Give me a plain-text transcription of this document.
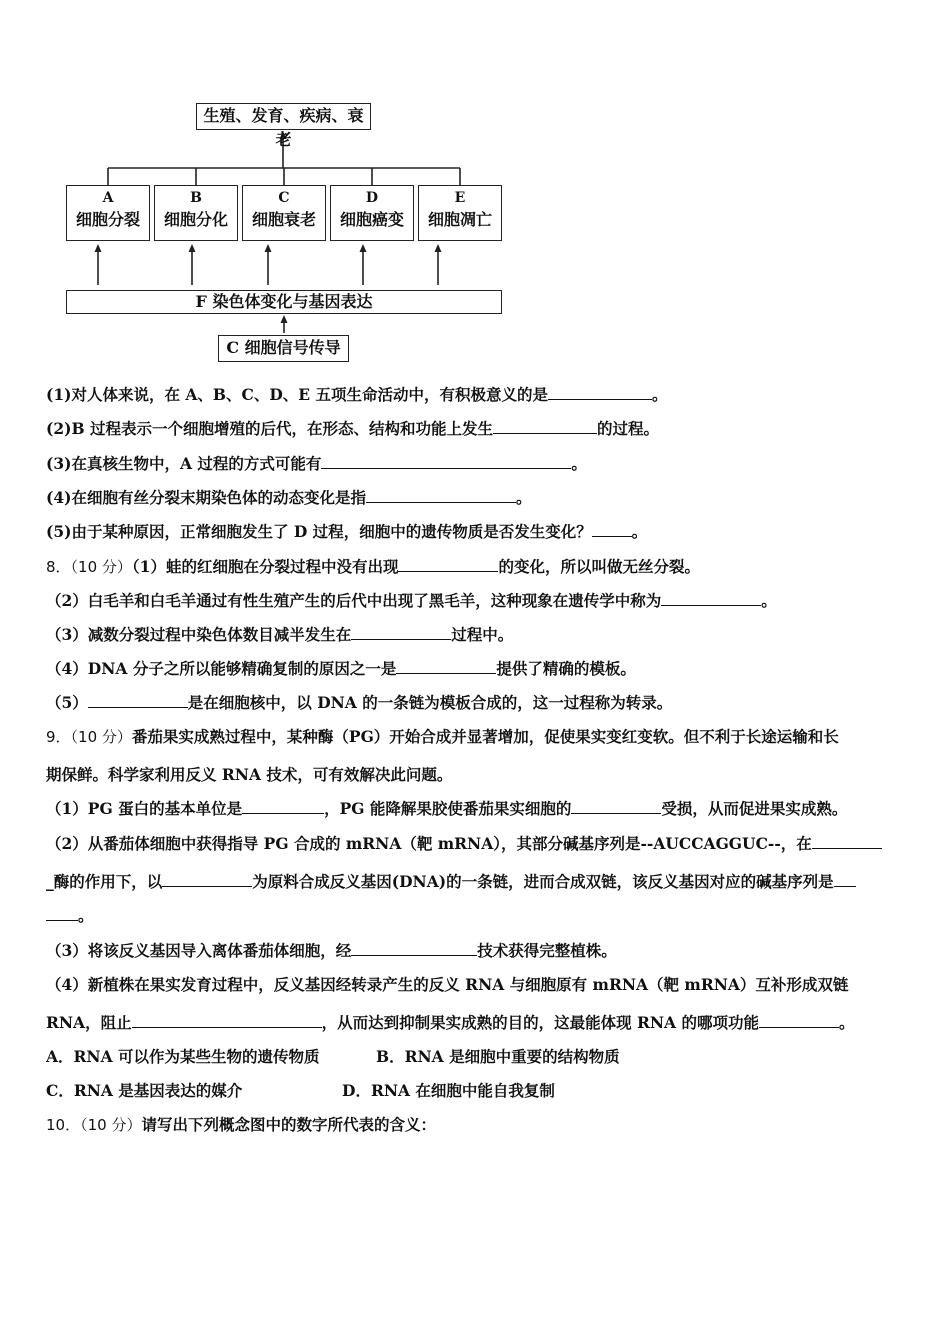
生殖、发育、疾病、衰老
A
细胞分裂
B
细胞分化
C
细胞衰老
D
细胞癌变
E
细胞凋亡
F 染色体变化与基因表达
C 细胞信号传导
(1)对人体来说，在 A、B、C、D、E 五项生命活动中，有积极意义的是	。
(2)B 过程表示一个细胞增殖的后代，在形态、结构和功能上发生	的过程。
(3)在真核生物中，A 过程的方式可能有	。
(4)在细胞有丝分裂末期染色体的动态变化是指	。
(5)由于某种原因，正常细胞发生了 D 过程，细胞中的遗传物质是否发生变化？	。
8．（10 分）（1）蛙的红细胞在分裂过程中没有出现	的变化，所以叫做无丝分裂。
（2）白毛羊和白毛羊通过有性生殖产生的后代中出现了黑毛羊，这种现象在遗传学中称为	。
（3）减数分裂过程中染色体数目减半发生在	过程中。
（4）DNA 分子之所以能够精确复制的原因之一是	提供了精确的模板。
（5）	是在细胞核中，以 DNA 的一条链为模板合成的，这一过程称为转录。
9．（10 分）番茄果实成熟过程中，某种酶（PG）开始合成并显著增加，促使果实变红变软。但不利于长途运输和长
期保鲜。科学家利用反义 RNA 技术，可有效解决此问题。
（1）PG 蛋白的基本单位是	，PG 能降解果胶使番茄果实细胞的	受损，从而促进果实成熟。
（2）从番茄体细胞中获得指导 PG 合成的 mRNA（靶 mRNA），其部分碱基序列是--AUCCAGGUC--，在
_酶的作用下，以	为原料合成反义基因(DNA)的一条链，进而合成双链，该反义基因对应的碱基序列是
。
（3）将该反义基因导入离体番茄体细胞，经	技术获得完整植株。
（4）新植株在果实发育过程中，反义基因经转录产生的反义 RNA 与细胞原有 mRNA（靶 mRNA）互补形成双链
RNA，阻止	，从而达到抑制果实成熟的目的，这最能体现 RNA 的哪项功能	。
A．RNA 可以作为某些生物的遗传物质	B．RNA 是细胞中重要的结构物质
C．RNA 是基因表达的媒介	D．RNA 在细胞中能自我复制
10．（10 分）请写出下列概念图中的数字所代表的含义：
